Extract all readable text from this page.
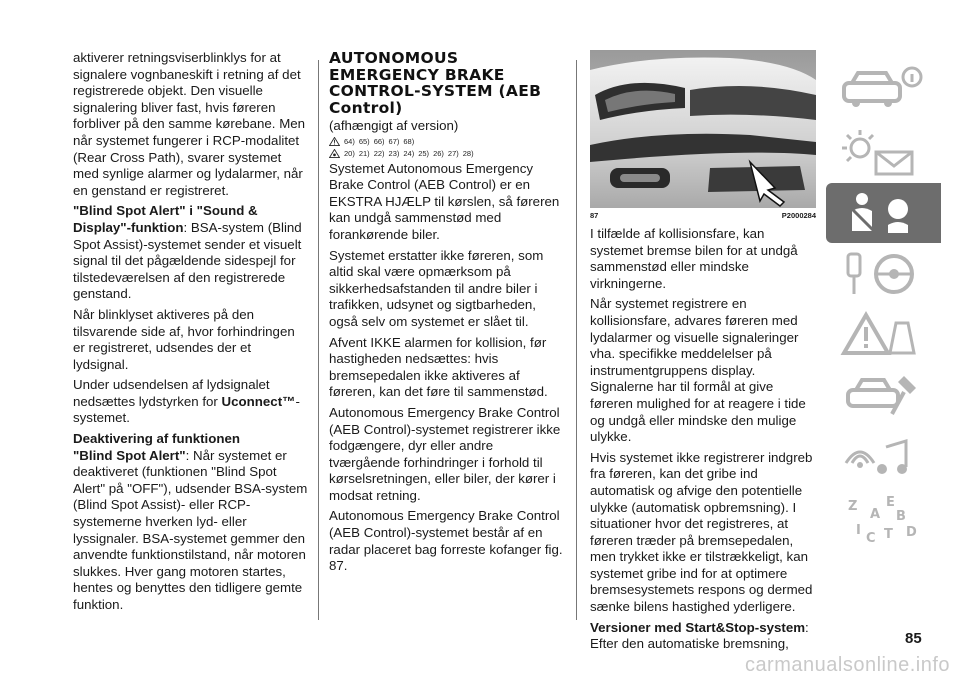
aktiverer retningsviserblinklys for at signalere vognbaneskift i retning af det registrerede objekt. Den visuelle signalering bliver fast, hvis føreren forbliver på den samme kørebane. Men når systemet fungerer i RCP-modalitet (Rear Cross Path), svarer systemet med synlige alarmer og lydalarmer, når en genstand er registreret.

"Blind Spot Alert" i "Sound & Display"-funktion: BSA-system (Blind Spot Assist)-systemet sender et visuelt signal til det pågældende sidespejl for tilstedeværelsen af den registrerede genstand.

Når blinklyset aktiveres på den tilsvarende side af, hvor forhindringen er registreret, udsendes der et lydsignal.

Under udsendelsen af lydsignalet nedsættes lydstyrken for Uconnect™-systemet.

Deaktivering af funktionen

"Blind Spot Alert": Når systemet er deaktiveret (funktionen "Blind Spot Alert" på "OFF"), udsender BSA-system (Blind Spot Assist)- eller RCP-systemerne hverken lyd- eller lyssignaler. BSA-systemet gemmer den anvendte funktionstilstand, når motoren slukkes. Hver gang motoren startes, hentes og benyttes den tidligere gemte funktion.

AUTONOMOUS
EMERGENCY BRAKE
CONTROL-SYSTEM (AEB
Control)
(afhængigt af version)
64) 65) 66) 67) 68)
20) 21) 22) 23) 24) 25) 26) 27) 28)

Systemet Autonomous Emergency Brake Control (AEB Control) er en EKSTRA HJÆLP til kørslen, så føreren kan undgå sammenstød med forankørende biler.

Systemet erstatter ikke føreren, som altid skal være opmærksom på sikkerhedsafstanden til andre biler i trafikken, udsynet og sigtbarheden, også selv om systemet er slået til.

Afvent IKKE alarmen for kollision, før hastigheden nedsættes: hvis bremsepedalen ikke aktiveres af føreren, kan det føre til sammenstød.

Autonomous Emergency Brake Control (AEB Control)-systemet registrerer ikke fodgængere, dyr eller andre tværgående forhindringer i forhold til kørselsretningen, eller biler, der kører i modsat retning.

Autonomous Emergency Brake Control (AEB Control)-systemet består af en radar placeret bag forreste kofanger fig. 87.

87	P2000284

I tilfælde af kollisionsfare, kan systemet bremse bilen for at undgå sammenstød eller mindske virkningerne.

Når systemet registrere en kollisionsfare, advares føreren med lydalarmer og visuelle signaleringer vha. specifikke meddelelser på instrumentgruppens display. Signalerne har til formål at give føreren mulighed for at reagere i tide og undgå eller mindske den mulige ulykke.

Hvis systemet ikke registrerer indgreb fra føreren, kan det gribe ind automatisk og afvige den potentielle ulykke (automatisk opbremsning). I situationer hvor det registreres, at føreren træder på bremsepedalen, men trykket ikke er tilstrækkeligt, kan systemet gribe ind for at optimere bremsesystemets respons og dermed sænke bilens hastighed yderligere.

Versioner med Start&Stop-system:

Efter den automatiske bremsning,

Z E
A B
I
C T D
85
carmanualsonline.info
